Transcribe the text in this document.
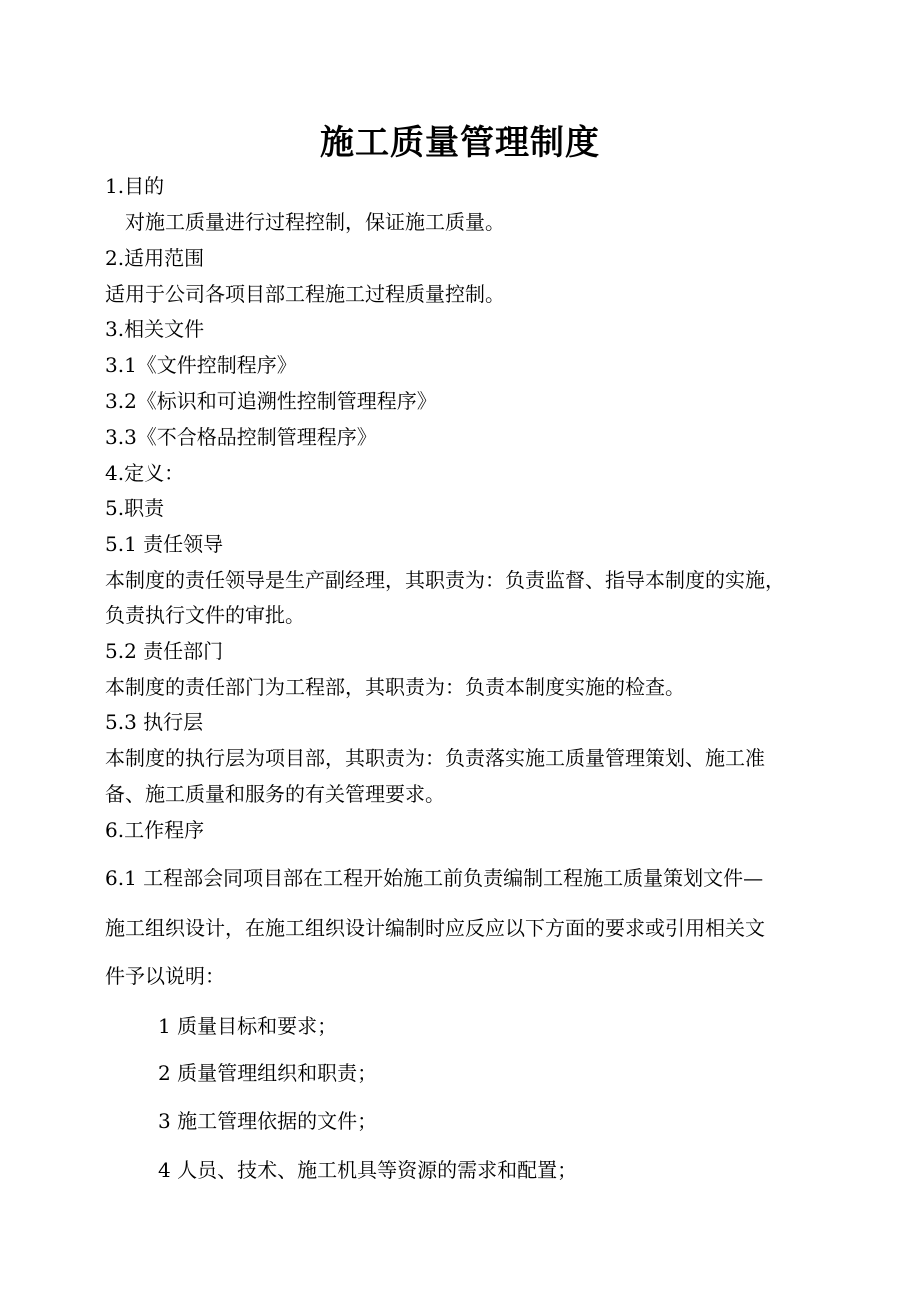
施工质量管理制度
1.目的
对施工质量进行过程控制，保证施工质量。
2.适用范围
适用于公司各项目部工程施工过程质量控制。
3.相关文件
3.1《文件控制程序》
3.2《标识和可追溯性控制管理程序》
3.3《不合格品控制管理程序》
4.定义：
5.职责
5.1 责任领导
本制度的责任领导是生产副经理，其职责为：负责监督、指导本制度的实施，
负责执行文件的审批。
5.2 责任部门
本制度的责任部门为工程部，其职责为：负责本制度实施的检查。
5.3 执行层
本制度的执行层为项目部，其职责为：负责落实施工质量管理策划、施工准
备、施工质量和服务的有关管理要求。
6.工作程序
6.1 工程部会同项目部在工程开始施工前负责编制工程施工质量策划文件—
施工组织设计，在施工组织设计编制时应反应以下方面的要求或引用相关文
件予以说明：
1 质量目标和要求；
2 质量管理组织和职责；
3 施工管理依据的文件；
4 人员、技术、施工机具等资源的需求和配置；
